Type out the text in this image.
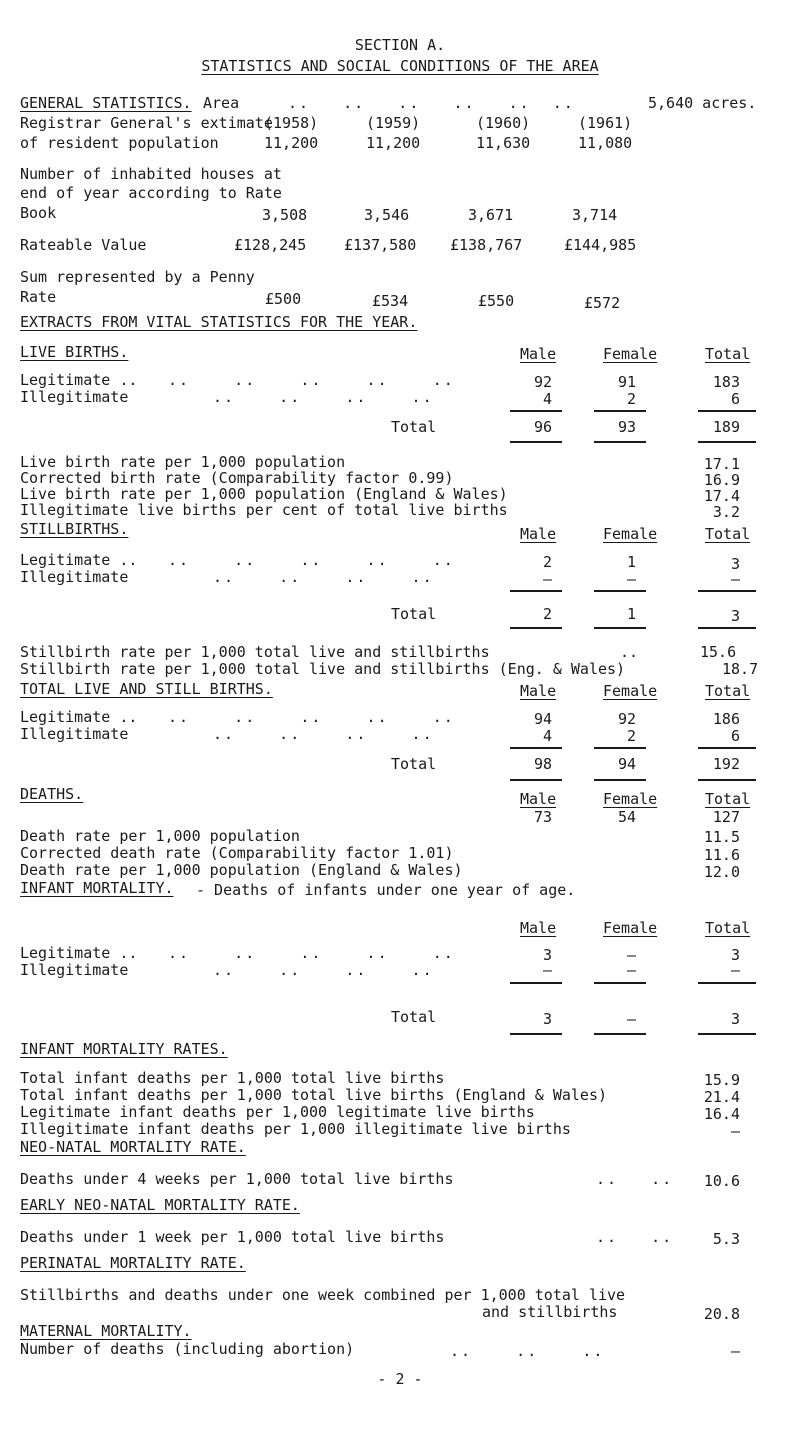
SECTION A.
STATISTICS AND SOCIAL CONDITIONS OF THE AREA
GENERAL STATISTICS. Area	..   ..   ..   ..   ..  ..	5,640 acres.
Registrar General's extimate
of resident population
(1958)	(1959)	(1960)	(1961)
11,200	11,200	11,630	11,080
Number of inhabited houses at
end of year according to Rate
Book	3,508	3,546	3,671	3,714
Rateable Value	£128,245	£137,580 £138,767	£144,985
Sum represented by a Penny
Rate	£500	£534	£550	£572
EXTRACTS FROM VITAL STATISTICS FOR THE YEAR.
LIVE BIRTHS.	Male	Female	Total
Legitimate .. ..    ..    ..    ..    ..	92	91	183
Illegitimate	..    ..    ..    ..	4	2	6
Total	96	93	189
Live birth rate per 1,000 population	17.1
Corrected birth rate (Comparability factor 0.99)	16.9
Live birth rate per 1,000 population (England & Wales)	17.4
Illegitimate live births per cent of total live births	3.2
STILLBIRTHS.	Male	Female	Total
Legitimate .. ..    ..    ..    ..    ..	2	1	3
Illegitimate	..    ..    ..    ..	–	–	–
Total	2	1	3
Stillbirth rate per 1,000 total live and stillbirths	..	15.6
Stillbirth rate per 1,000 total live and stillbirths (Eng. & Wales)	18.7
TOTAL LIVE AND STILL BIRTHS.	Male	Female	Total
Legitimate .. ..    ..    ..    ..    ..	94	92	186
Illegitimate	..    ..    ..    ..	4	2	6
Total	98	94	192
DEATHS.	Male	Female	Total
73	54	127
Death rate per 1,000 population	11.5
Corrected death rate (Comparability factor 1.01)	11.6
Death rate per 1,000 population (England & Wales)	12.0
INFANT MORTALITY. - Deaths of infants under one year of age.
Male	Female	Total
Legitimate .. ..    ..    ..    ..    ..	3	–	3
Illegitimate	..    ..    ..    ..	–	–	–
Total	3	–	3
INFANT MORTALITY RATES.
Total infant deaths per 1,000 total live births	15.9
Total infant deaths per 1,000 total live births (England & Wales)	21.4
Legitimate infant deaths per 1,000 legitimate live births	16.4
Illegitimate infant deaths per 1,000 illegitimate live births	–
NEO-NATAL MORTALITY RATE.
Deaths under 4 weeks per 1,000 total live births	..   ..	10.6
EARLY NEO-NATAL MORTALITY RATE.
Deaths under 1 week per 1,000 total live births	..   ..	5.3
PERINATAL MORTALITY RATE.
Stillbirths and deaths under one week combined per 1,000 total live
and stillbirths	20.8
MATERNAL MORTALITY.
Number of deaths (including abortion)	..    ..    ..	–
- 2 -
